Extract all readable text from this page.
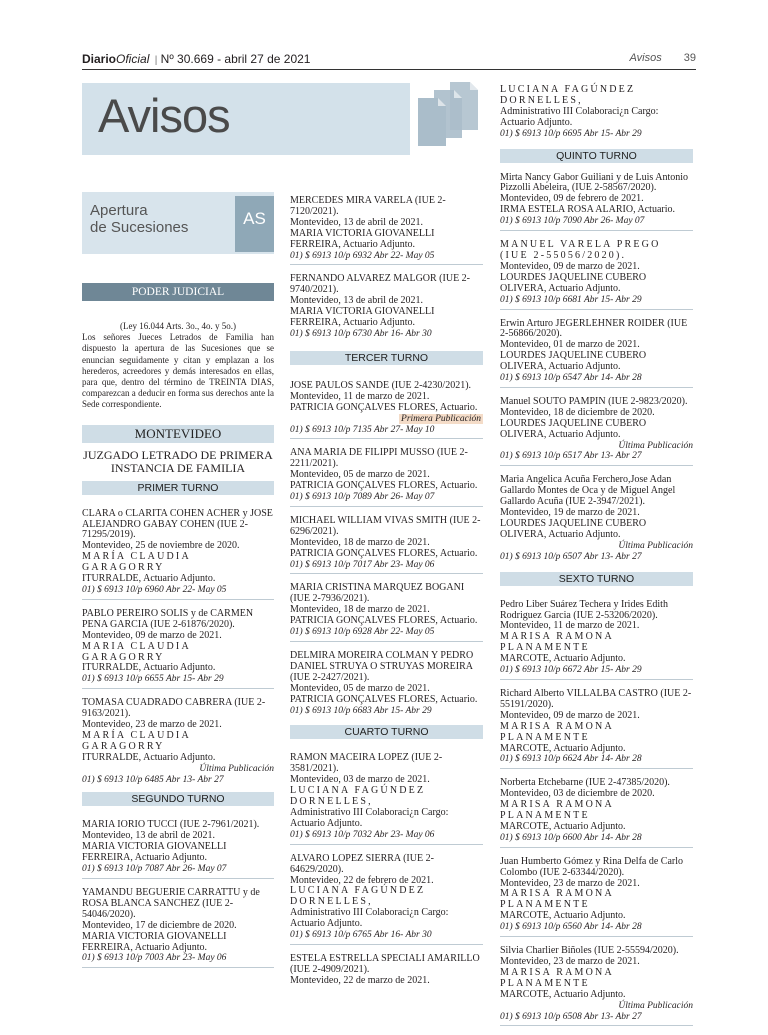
DiarioOficial | Nº 30.669 - abril 27 de 2021	Avisos 39
Avisos
Apertura
de Sucesiones	AS
PODER JUDICIAL
(Ley 16.044 Arts. 3o., 4o. y 5o.)
Los señores Jueces Letrados de Familia han dispuesto la apertura de las Sucesiones que se enuncian seguidamente y citan y emplazan a los herederos, acreedores y demás interesados en ellas, para que, dentro del término de TREINTA DIAS, comparezcan a deducir en forma sus derechos ante la Sede correspondiente.
MONTEVIDEO
JUZGADO LETRADO DE PRIMERA INSTANCIA DE FAMILIA
PRIMER TURNO

CLARA o CLARITA COHEN ACHER y JOSE ALEJANDRO GABAY COHEN (IUE 2-71295/2019).

Montevideo, 25 de noviembre de 2020.

MARÍA CLAUDIA GARAGORRY

ITURRALDE, Actuario Adjunto.

01) $ 6913 10/p 6960 Abr 22- May 05

PABLO PEREIRO SOLIS y de CARMEN PENA GARCIA (IUE 2-61876/2020).

Montevideo, 09 de marzo de 2021.

MARIA CLAUDIA GARAGORRY

ITURRALDE, Actuario Adjunto.

01) $ 6913 10/p 6655 Abr 15- Abr 29

TOMASA CUADRADO CABRERA (IUE 2-9163/2021).

Montevideo, 23 de marzo de 2021.

MARÍA CLAUDIA GARAGORRY

ITURRALDE, Actuario Adjunto.

Última Publicación

01) $ 6913 10/p 6485 Abr 13- Abr 27

SEGUNDO TURNO

MARIA IORIO TUCCI (IUE 2-7961/2021).

Montevideo, 13 de abril de 2021.

MARIA VICTORIA GIOVANELLI FERREIRA, Actuario Adjunto.

01) $ 6913 10/p 7087 Abr 26- May 07

YAMANDU BEGUERIE CARRATTU y de ROSA BLANCA SANCHEZ (IUE 2-54046/2020).

Montevideo, 17 de diciembre de 2020.

MARIA VICTORIA GIOVANELLI FERREIRA, Actuario Adjunto.

01) $ 6913 10/p 7003 Abr 23- May 06

MERCEDES MIRA VARELA (IUE 2-7120/2021).

Montevideo, 13 de abril de 2021.

MARIA VICTORIA GIOVANELLI FERREIRA, Actuario Adjunto.

01) $ 6913 10/p 6932 Abr 22- May 05

FERNANDO ALVAREZ MALGOR (IUE 2-9740/2021).

Montevideo, 13 de abril de 2021.

MARIA VICTORIA GIOVANELLI FERREIRA, Actuario Adjunto.

01) $ 6913 10/p 6730 Abr 16- Abr 30

TERCER TURNO

JOSE PAULOS SANDE (IUE 2-4230/2021).

Montevideo, 11 de marzo de 2021.

PATRICIA GONÇALVES FLORES, Actuario.

Primera Publicación

01) $ 6913 10/p 7135 Abr 27- May 10

ANA MARIA DE FILIPPI MUSSO (IUE 2-2211/2021).

Montevideo, 05 de marzo de 2021.

PATRICIA GONÇALVES FLORES, Actuario.

01) $ 6913 10/p 7089 Abr 26- May 07

MICHAEL WILLIAM VIVAS SMITH (IUE 2-6296/2021).

Montevideo, 18 de marzo de 2021.

PATRICIA GONÇALVES FLORES, Actuario.

01) $ 6913 10/p 7017 Abr 23- May 06

MARIA CRISTINA MARQUEZ BOGANI (IUE 2-7936/2021).

Montevideo, 18 de marzo de 2021.

PATRICIA GONÇALVES FLORES, Actuario.

01) $ 6913 10/p 6928 Abr 22- May 05

DELMIRA MOREIRA COLMAN Y PEDRO DANIEL STRUYA O STRUYAS MOREIRA (IUE 2-2427/2021).

Montevideo, 05 de marzo de 2021.

PATRICIA GONÇALVES FLORES, Actuario.

01) $ 6913 10/p 6683 Abr 15- Abr 29

CUARTO TURNO

RAMON MACEIRA LOPEZ (IUE 2-3581/2021).

Montevideo, 03 de marzo de 2021.

LUCIANA FAGÚNDEZ DORNELLES,

Administrativo III Colaboraci¿n Cargo: Actuario Adjunto.

01) $ 6913 10/p 7032 Abr 23- May 06

ALVARO LOPEZ SIERRA (IUE 2-64629/2020).

Montevideo, 22 de febrero de 2021.

LUCIANA FAGÚNDEZ DORNELLES,

Administrativo III Colaboraci¿n Cargo: Actuario Adjunto.

01) $ 6913 10/p 6765 Abr 16- Abr 30

ESTELA ESTRELLA SPECIALI AMARILLO (IUE 2-4909/2021).

Montevideo, 22 de marzo de 2021.

LUCIANA FAGÚNDEZ DORNELLES,

Administrativo III Colaboraci¿n Cargo: Actuario Adjunto.

01) $ 6913 10/p 6695 Abr 15- Abr 29

QUINTO TURNO

Mirta Nancy Gabor Guiliani y de Luis Antonio Pizzolli Abeleira, (IUE 2-58567/2020).

Montevideo, 09 de febrero de 2021.

IRMA ESTELA ROSA ALARIO, Actuario.

01) $ 6913 10/p 7090 Abr 26- May 07

MANUEL VARELA PREGO (IUE 2-55056/2020).

Montevideo, 09 de marzo de 2021.

LOURDES JAQUELINE CUBERO OLIVERA, Actuario Adjunto.

01) $ 6913 10/p 6681 Abr 15- Abr 29

Erwin Arturo JEGERLEHNER ROIDER (IUE 2-56866/2020).

Montevideo, 01 de marzo de 2021.

LOURDES JAQUELINE CUBERO OLIVERA, Actuario Adjunto.

01) $ 6913 10/p 6547 Abr 14- Abr 28

Manuel SOUTO PAMPIN (IUE 2-9823/2020).

Montevideo, 18 de diciembre de 2020.

LOURDES JAQUELINE CUBERO OLIVERA, Actuario Adjunto.

Última Publicación

01) $ 6913 10/p 6517 Abr 13- Abr 27

Maria Angelica Acuña Ferchero,Jose Adan Gallardo Montes de Oca y de Miguel Angel Gallardo Acuña (IUE 2-3947/2021).

Montevideo, 19 de marzo de 2021.

LOURDES JAQUELINE CUBERO OLIVERA, Actuario Adjunto.

Última Publicación

01) $ 6913 10/p 6507 Abr 13- Abr 27

SEXTO TURNO

Pedro Liber Suárez Techera y Irides Edith Rodriguez Garcia (IUE 2-53206/2020).

Montevideo, 11 de marzo de 2021.

MARISA RAMONA PLANAMENTE

MARCOTE, Actuario Adjunto.

01) $ 6913 10/p 6672 Abr 15- Abr 29

Richard Alberto VILLALBA CASTRO (IUE 2-55191/2020).

Montevideo, 09 de marzo de 2021.

MARISA RAMONA PLANAMENTE

MARCOTE, Actuario Adjunto.

01) $ 6913 10/p 6624 Abr 14- Abr 28

Norberta Etchebarne (IUE 2-47385/2020).

Montevideo, 03 de diciembre de 2020.

MARISA RAMONA PLANAMENTE

MARCOTE, Actuario Adjunto.

01) $ 6913 10/p 6600 Abr 14- Abr 28

Juan Humberto Gómez y Rina Delfa de Carlo Colombo (IUE 2-63344/2020).

Montevideo, 23 de marzo de 2021.

MARISA RAMONA PLANAMENTE

MARCOTE, Actuario Adjunto.

01) $ 6913 10/p 6560 Abr 14- Abr 28

Silvia Charlier Biñoles (IUE 2-55594/2020).

Montevideo, 23 de marzo de 2021.

MARISA RAMONA PLANAMENTE

MARCOTE, Actuario Adjunto.

Última Publicación

01) $ 6913 10/p 6508 Abr 13- Abr 27
